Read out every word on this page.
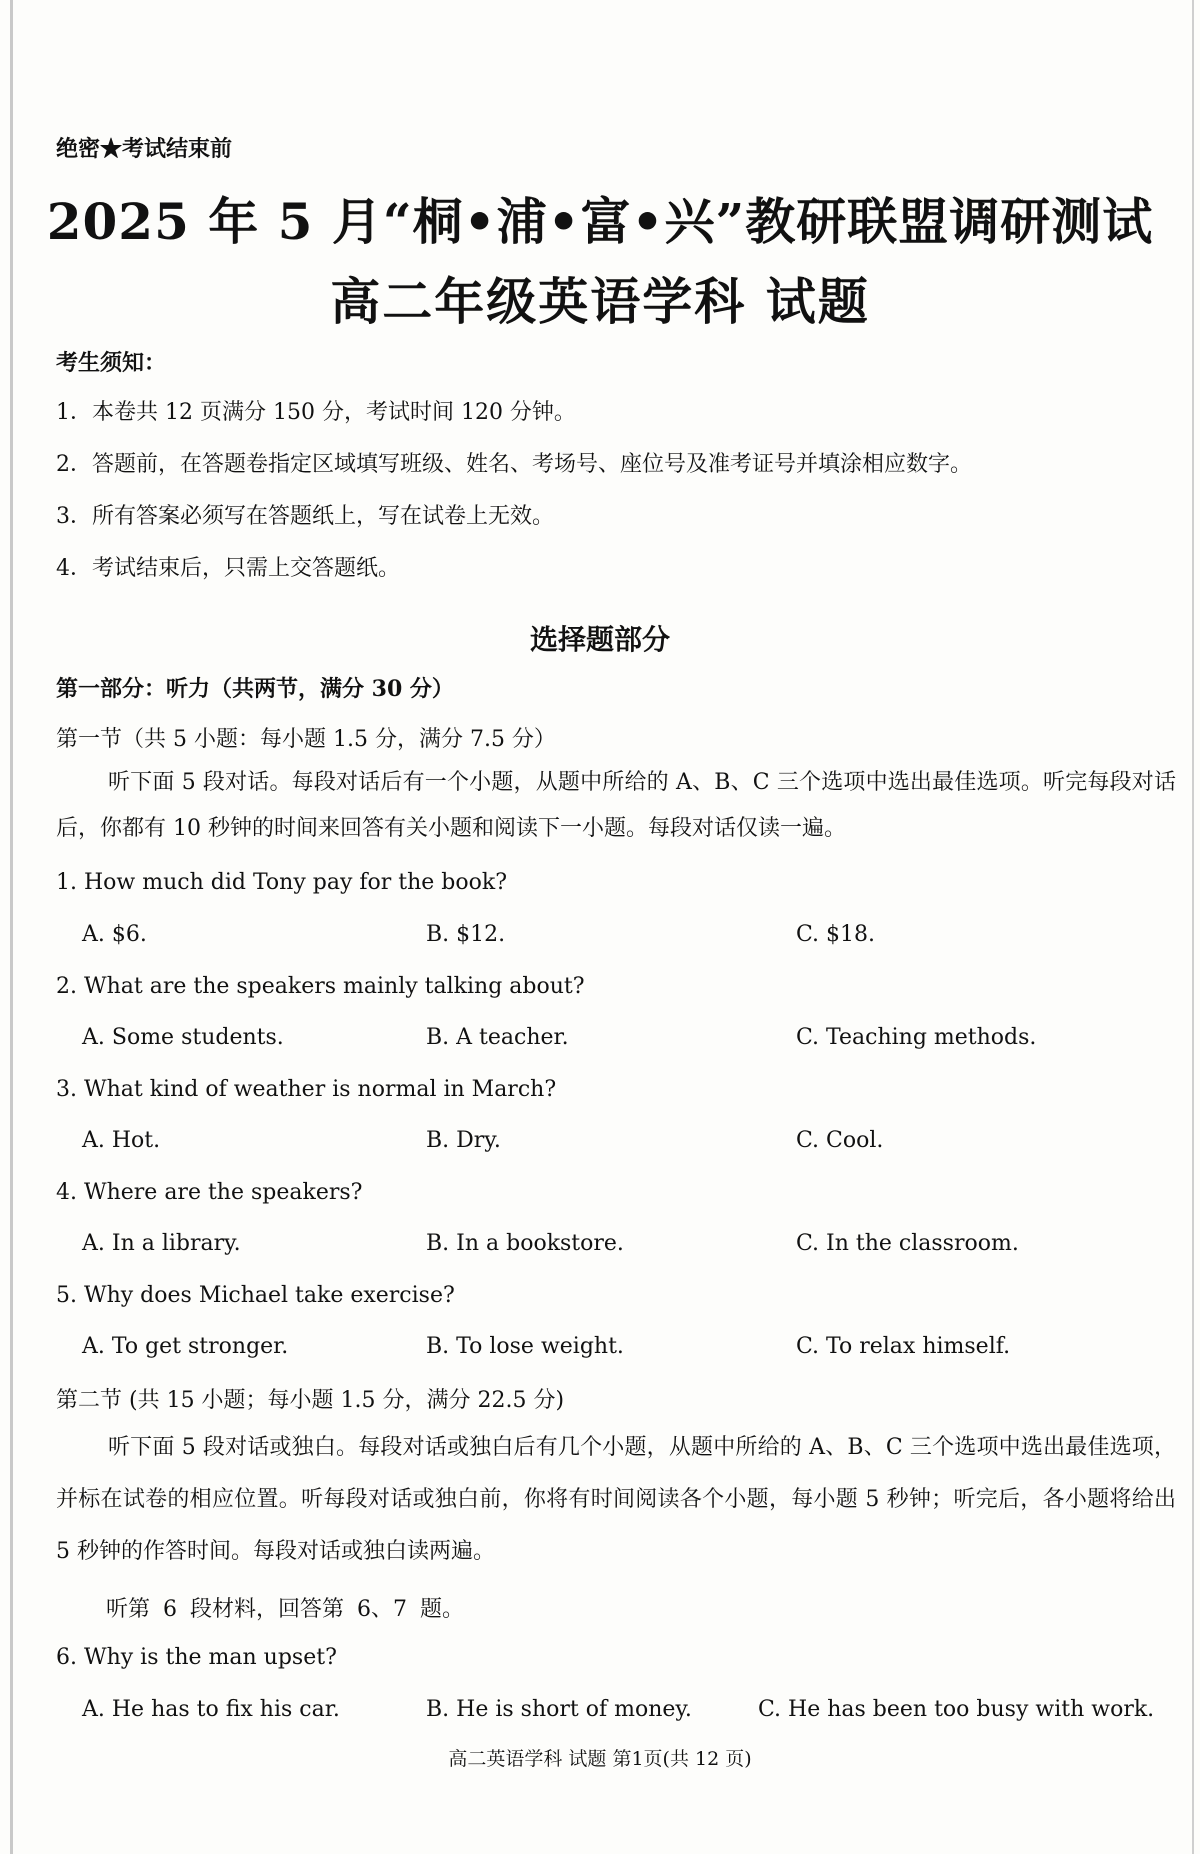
绝密★考试结束前
2025 年 5 月“桐•浦•富•兴”教研联盟调研测试
高二年级英语学科 试题
考生须知：
1．本卷共 12 页满分 150 分，考试时间 120 分钟。
2．答题前，在答题卷指定区域填写班级、姓名、考场号、座位号及准考证号并填涂相应数字。
3．所有答案必须写在答题纸上，写在试卷上无效。
4．考试结束后，只需上交答题纸。
选择题部分
第一部分：听力（共两节，满分 30 分）
第一节（共 5 小题：每小题 1.5 分，满分 7.5 分）
听下面 5 段对话。每段对话后有一个小题，从题中所给的 A、B、C 三个选项中选出最佳选项。听完每段对话后，你都有 10 秒钟的时间来回答有关小题和阅读下一小题。每段对话仅读一遍。
1. How much did Tony pay for the book?
A. $6.	B. $12.	C. $18.
2. What are the speakers mainly talking about?
A. Some students.	B. A teacher.	C. Teaching methods.
3. What kind of weather is normal in March?
A. Hot.	B. Dry.	C. Cool.
4. Where are the speakers?
A. In a library.	B. In a bookstore.	C. In the classroom.
5. Why does Michael take exercise?
A. To get stronger.	B. To lose weight.	C. To relax himself.
第二节 (共 15 小题；每小题 1.5 分，满分 22.5 分)
听下面 5 段对话或独白。每段对话或独白后有几个小题，从题中所给的 A、B、C 三个选项中选出最佳选项，并标在试卷的相应位置。听每段对话或独白前，你将有时间阅读各个小题，每小题 5 秒钟；听完后，各小题将给出 5 秒钟的作答时间。每段对话或独白读两遍。
听第 6 段材料，回答第 6、7 题。
6. Why is the man upset?
A. He has to fix his car.	B. He is short of money.	C. He has been too busy with work.
高二英语学科 试题 第1页(共 12 页)
